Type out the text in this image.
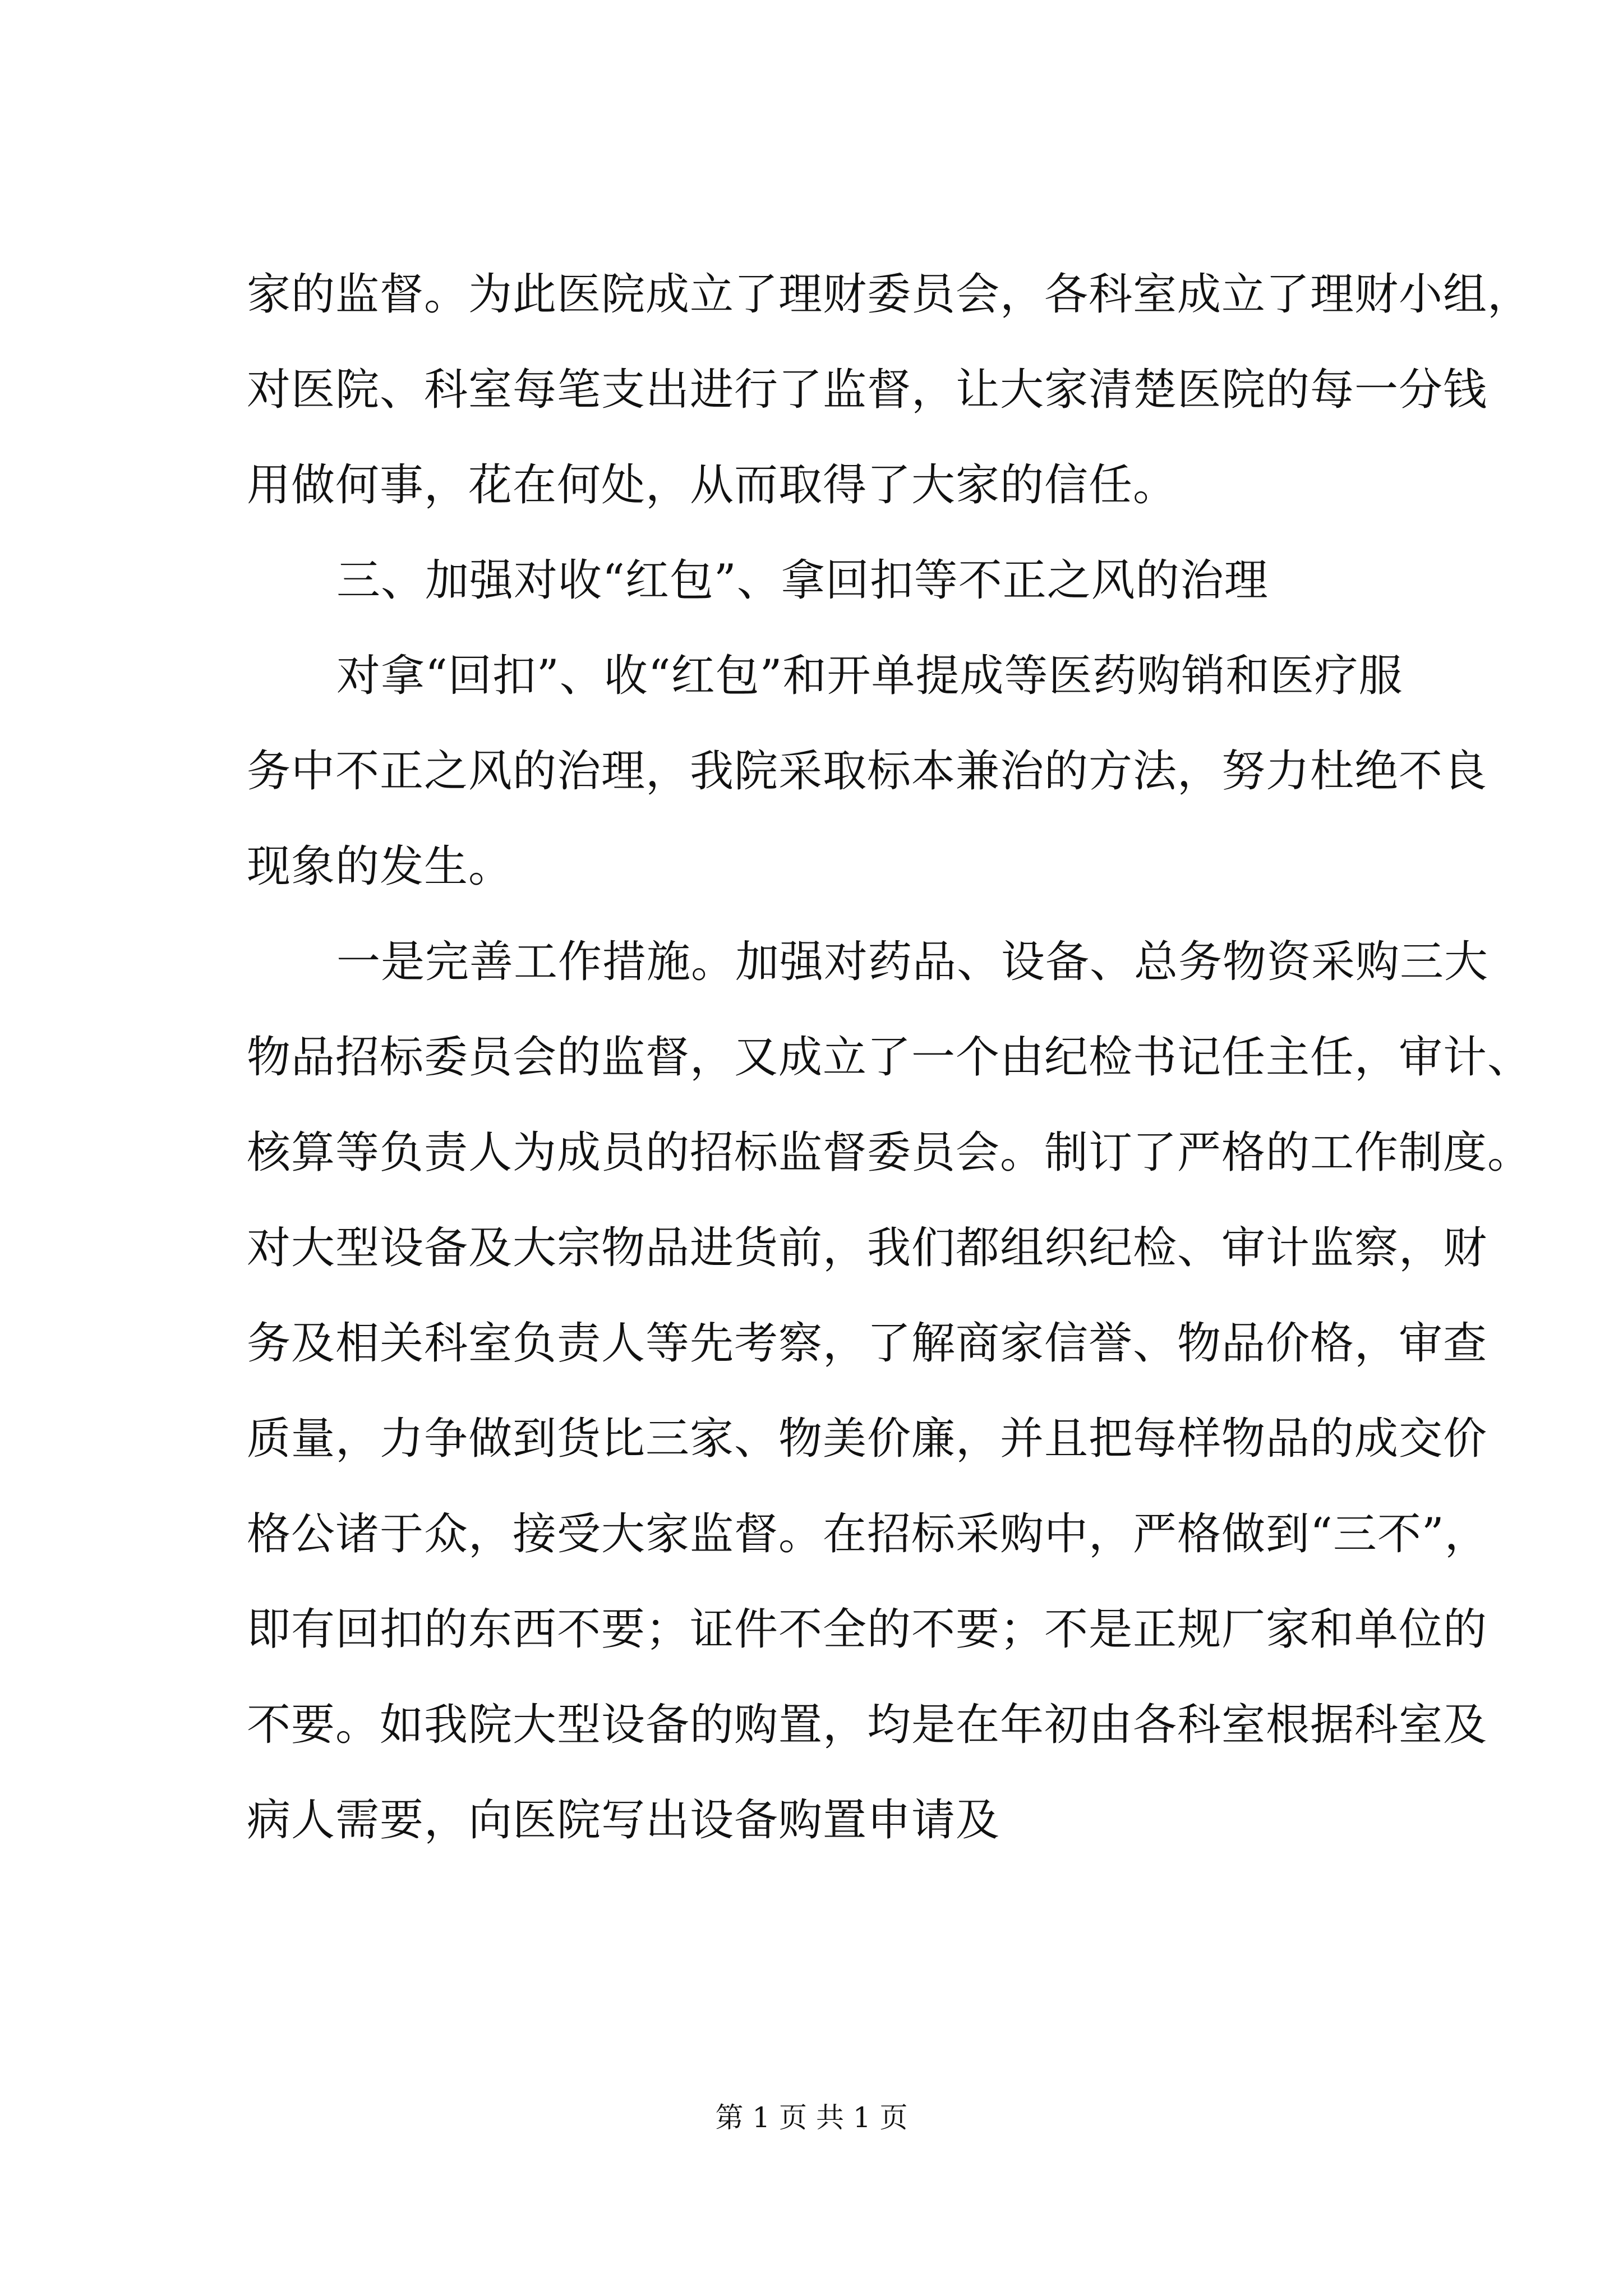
家的监督。为此医院成立了理财委员会，各科室成立了理财小组，
对医院、科室每笔支出进行了监督，让大家清楚医院的每一分钱
用做何事，花在何处，从而取得了大家的信任。
三、加强对收“红包”、拿回扣等不正之风的治理
对拿“回扣”、收“红包”和开单提成等医药购销和医疗服
务中不正之风的治理，我院采取标本兼治的方法，努力杜绝不良
现象的发生。
一是完善工作措施。加强对药品、设备、总务物资采购三大
物品招标委员会的监督，又成立了一个由纪检书记任主任，审计、
核算等负责人为成员的招标监督委员会。制订了严格的工作制度。
对大型设备及大宗物品进货前，我们都组织纪检、审计监察，财
务及相关科室负责人等先考察，了解商家信誉、物品价格，审查
质量，力争做到货比三家、物美价廉，并且把每样物品的成交价
格公诸于众，接受大家监督。在招标采购中，严格做到“三不”，
即有回扣的东西不要；证件不全的不要；不是正规厂家和单位的
不要。如我院大型设备的购置，均是在年初由各科室根据科室及
病人需要，向医院写出设备购置申请及
第 1 页 共 1 页
